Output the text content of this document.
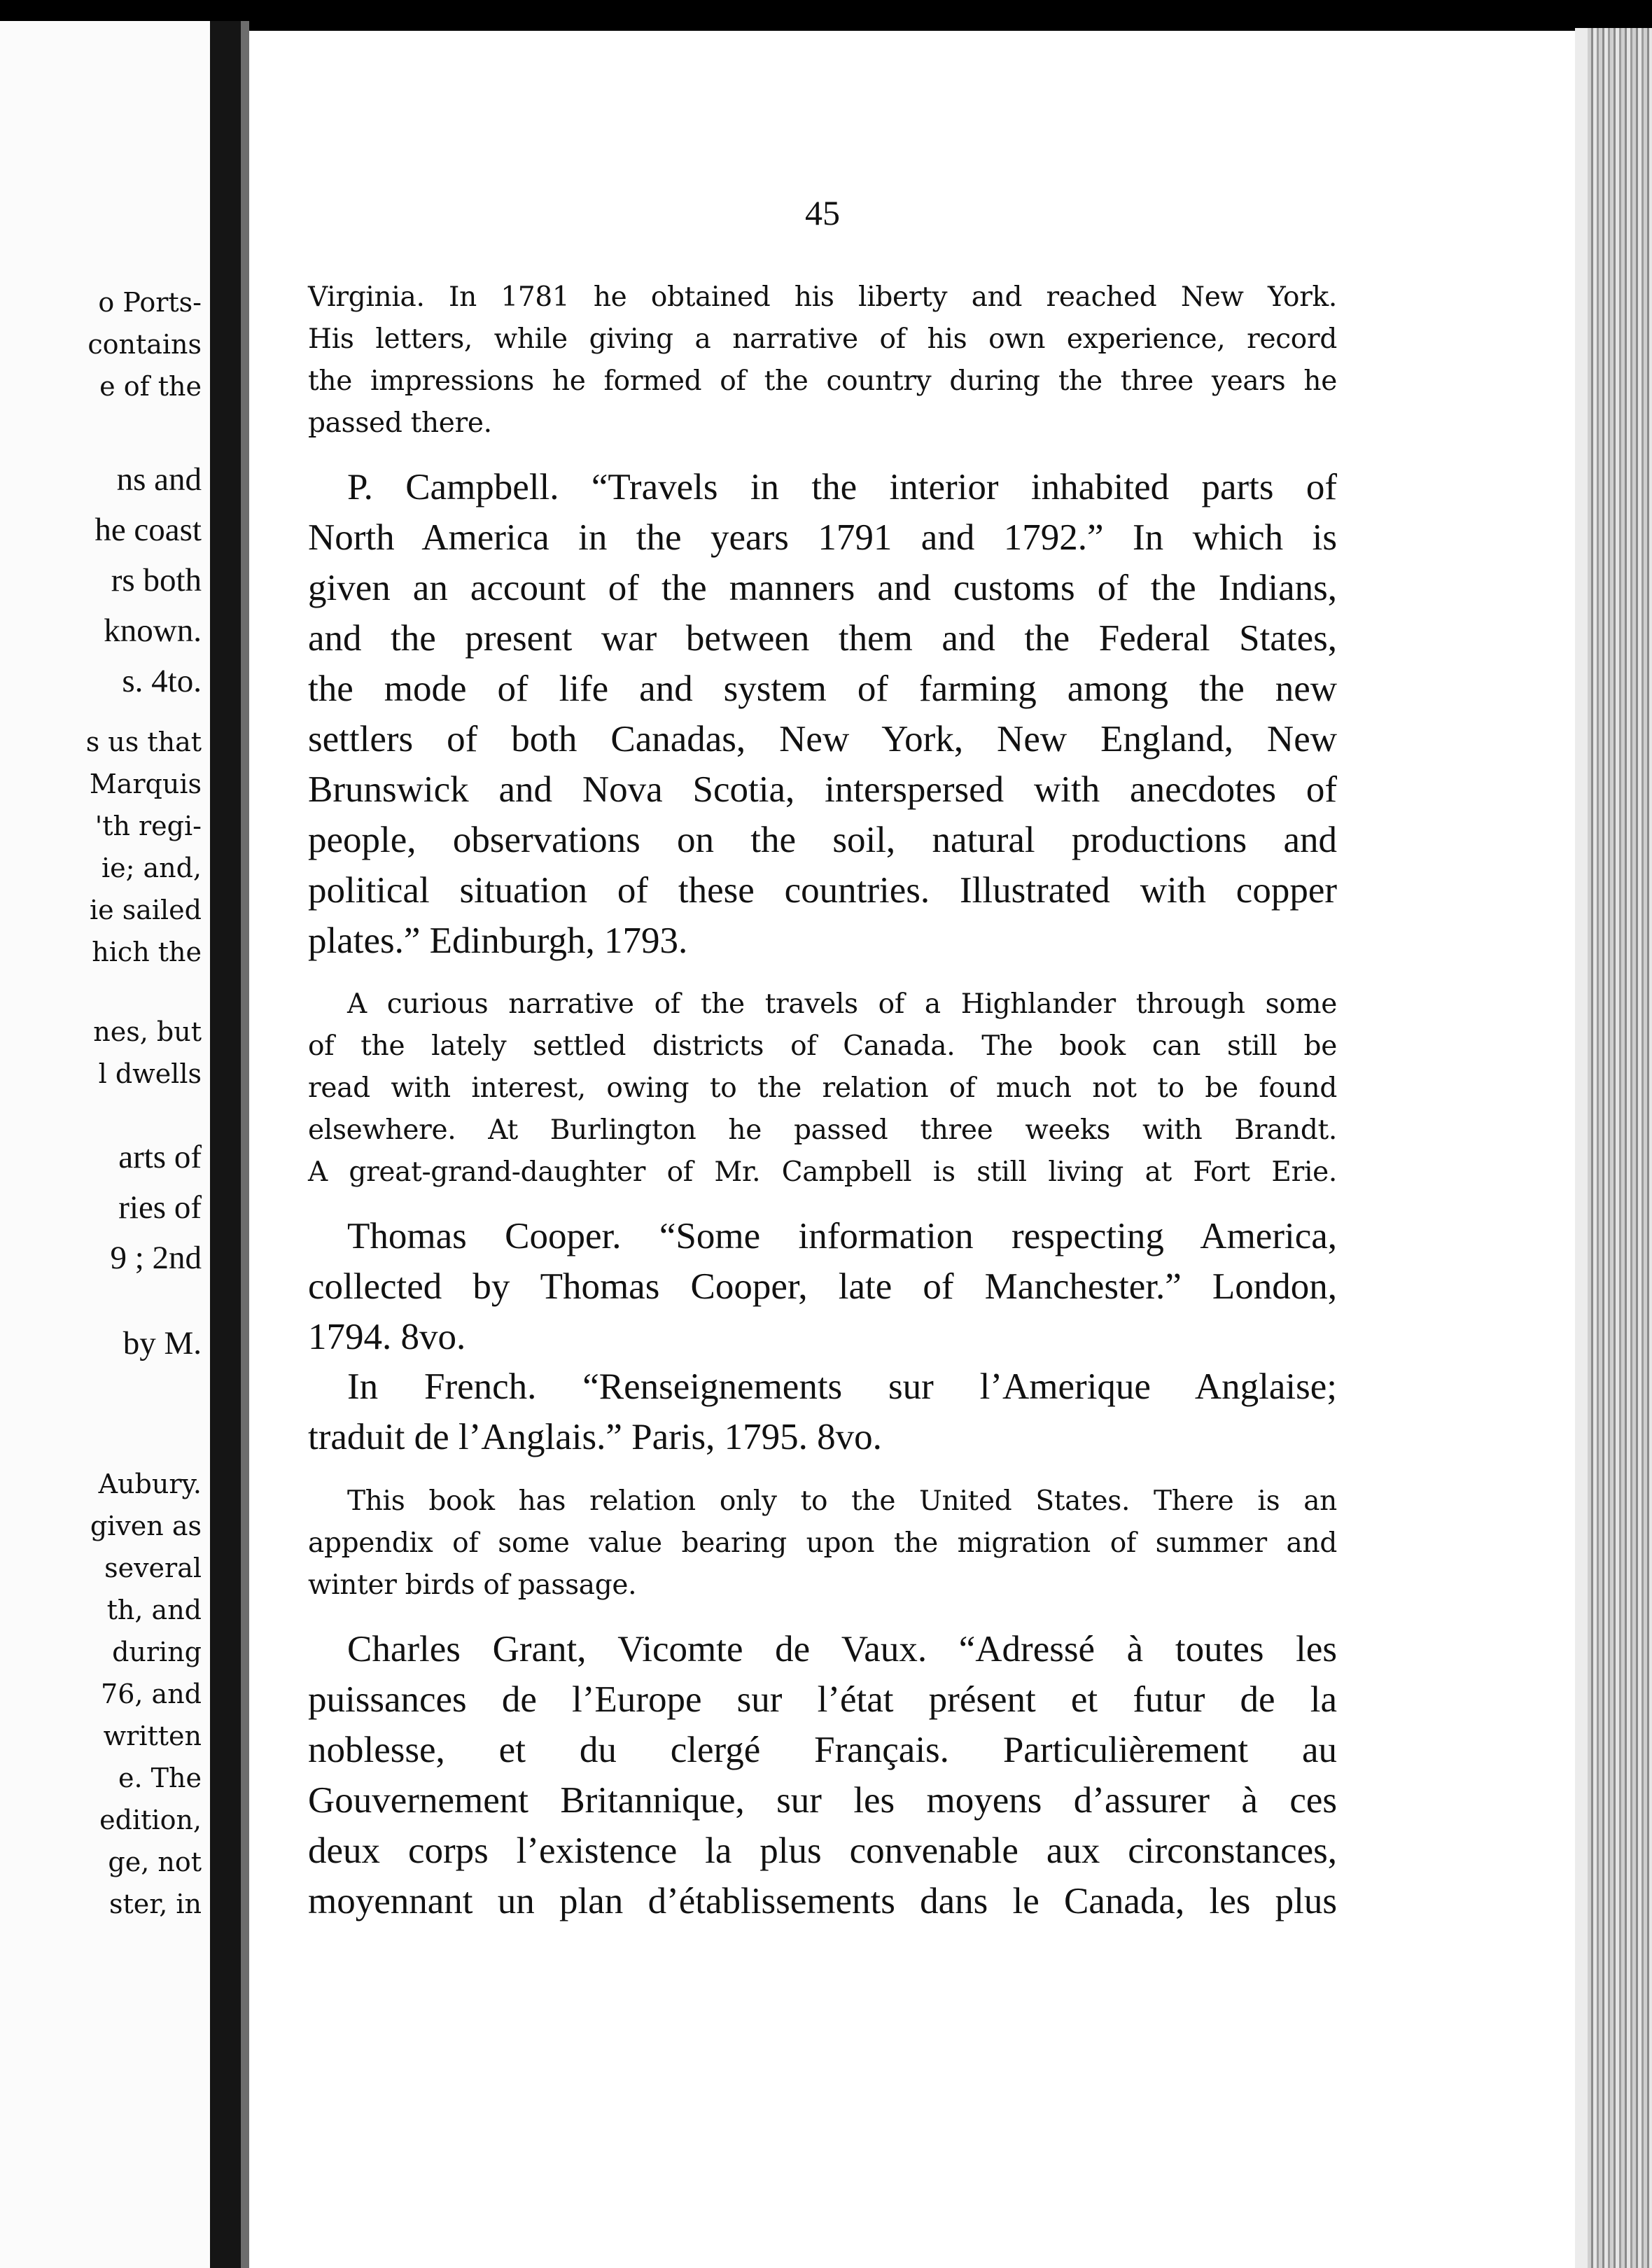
o Ports-
contains
e of the
ns and
he coast
rs both
known.
s. 4to.
s us that
Marquis
'th regi-
ie; and,
ie sailed
hich the
nes, but
l dwells
arts of
ries of
9 ; 2nd
by M.
Aubury.
given as
several
th, and
during
76, and
written
e. The
edition,
ge, not
ster, in
45
Virginia. In 1781 he obtained his liberty and reached New York.
His letters, while giving a narrative of his own experience, record
the impressions he formed of the country during the three years he
passed there.
P. Campbell. “Travels in the interior inhabited parts of
North America in the years 1791 and 1792.” In which is
given an account of the manners and customs of the Indians,
and the present war between them and the Federal States,
the mode of life and system of farming among the new
settlers of both Canadas, New York, New England, New
Brunswick and Nova Scotia, interspersed with anecdotes of
people, observations on the soil, natural productions and
political situation of these countries. Illustrated with copper
plates.” Edinburgh, 1793.
A curious narrative of the travels of a Highlander through some
of the lately settled districts of Canada. The book can still be
read with interest, owing to the relation of much not to be found
elsewhere. At Burlington he passed three weeks with Brandt.
A great-grand-daughter of Mr. Campbell is still living at Fort Erie.
Thomas Cooper. “Some information respecting America,
collected by Thomas Cooper, late of Manchester.” London,
1794. 8vo.
In French. “Renseignements sur l’Amerique Anglaise;
traduit de l’Anglais.” Paris, 1795. 8vo.
This book has relation only to the United States. There is an
appendix of some value bearing upon the migration of summer and
winter birds of passage.
Charles Grant, Vicomte de Vaux. “Adressé à toutes les
puissances de l’Europe sur l’état présent et futur de la
noblesse, et du clergé Français. Particulièrement au
Gouvernement Britannique, sur les moyens d’assurer à ces
deux corps l’existence la plus convenable aux circonstances,
moyennant un plan d’établissements dans le Canada, les plus
